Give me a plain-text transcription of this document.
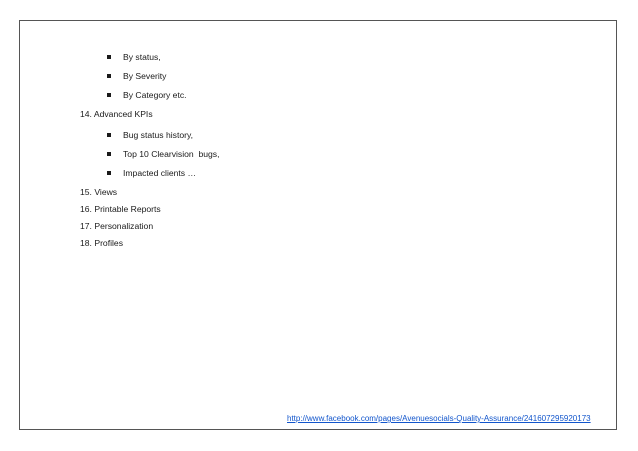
By status,
By Severity
By Category etc.
14. Advanced KPIs
Bug status history,
Top 10 Clearvision  bugs,
Impacted clients …
15. Views
16. Printable Reports
17. Personalization
18. Profiles
http://www.facebook.com/pages/Avenuesocials-Quality-Assurance/241607295920173
